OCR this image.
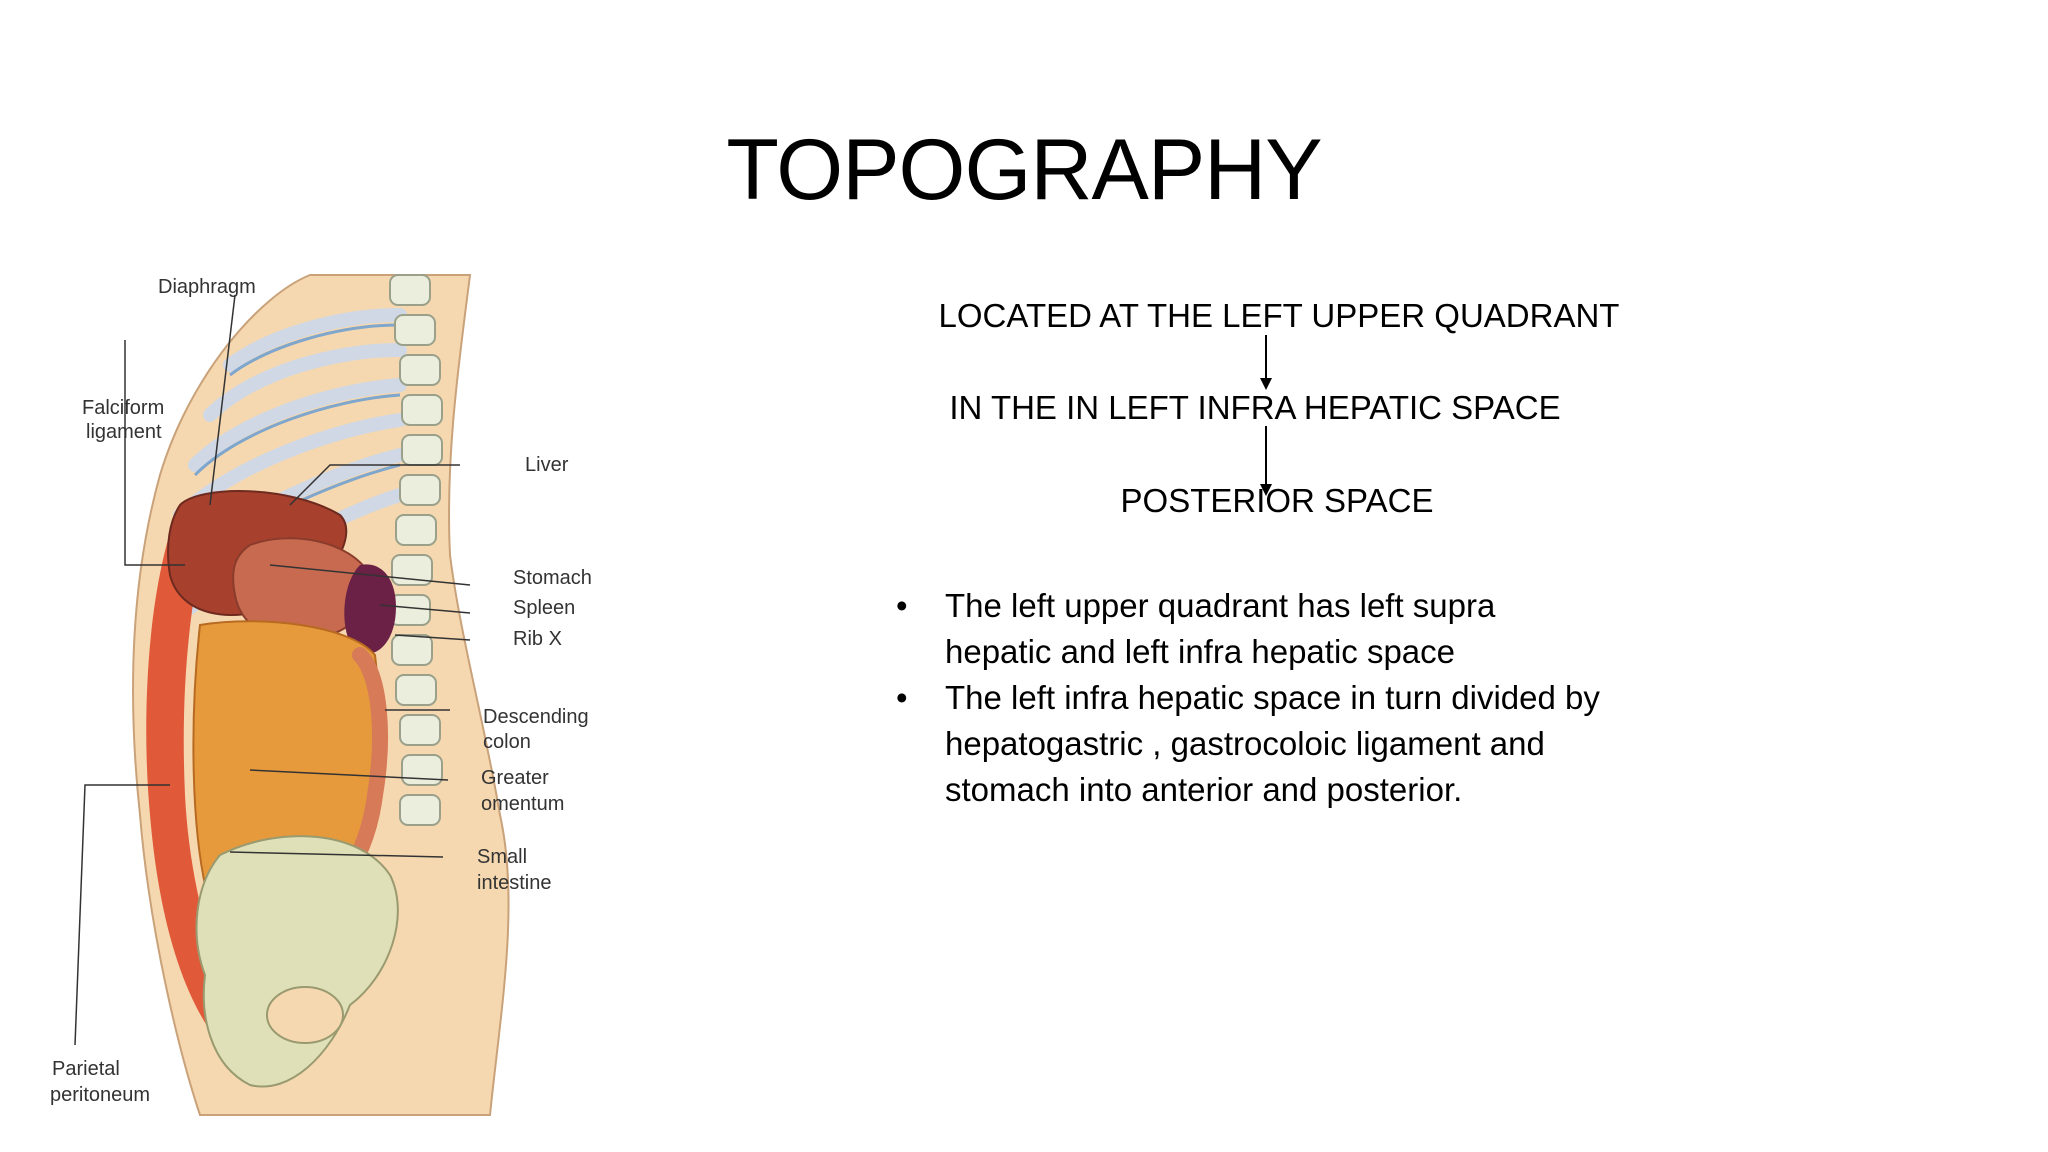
TOPOGRAPHY
Diaphragm
Falciform
ligament
Liver
Stomach
Spleen
Rib X
Descending
colon
Greater
omentum
Small
intestine
Parietal
peritoneum
LOCATED AT THE LEFT UPPER QUADRANT
IN THE IN LEFT INFRA HEPATIC SPACE
POSTERIOR SPACE
• The left upper quadrant has left supra hepatic and left infra hepatic space
• The left infra hepatic space in turn divided by hepatogastric , gastrocoloic ligament and stomach into anterior and posterior.
